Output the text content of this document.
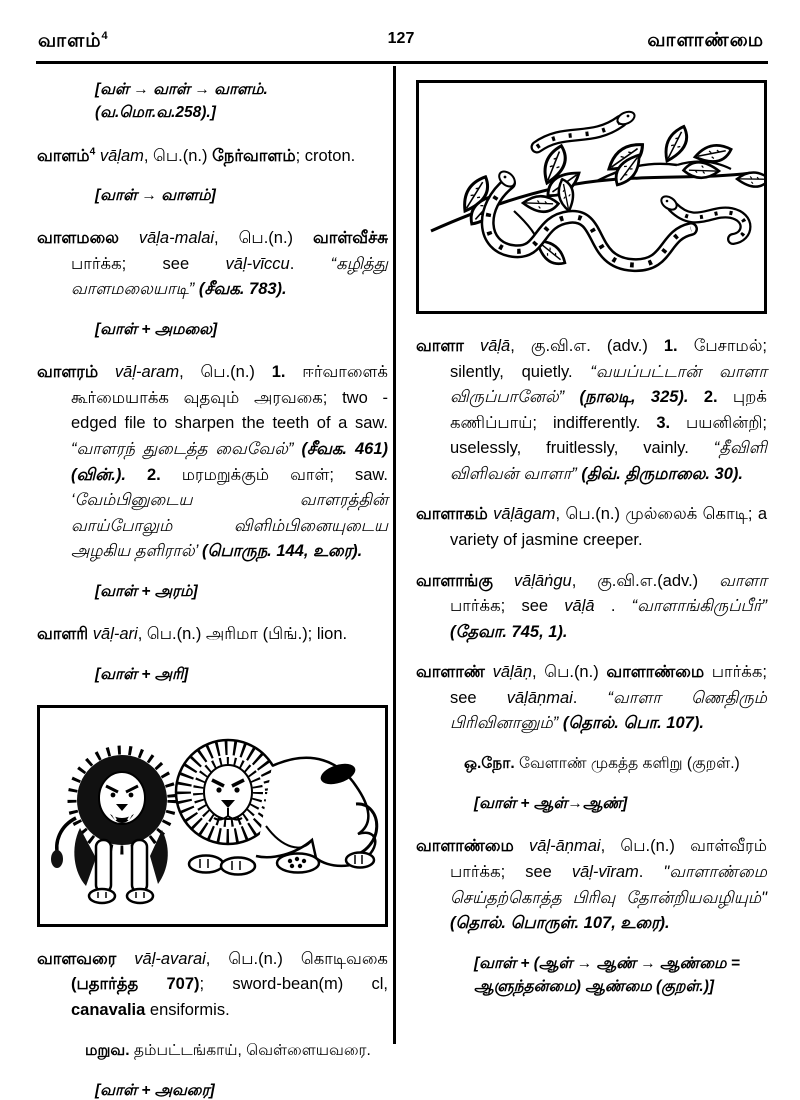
127
வாளம்$^4$	வாளாண்மை

[வள் → வாள் → வாளம். (வ.மொ.வ.258).]

வாளம்$^4$ vāḷam, பெ.(n.) நேர்வாளம்; croton.

[வாள் → வாளம்]

வாளமலை vāḷa-malai, பெ.(n.) வாள்வீச்சு பார்க்க; see vāḷ-vīccu. “கழித்து வாளமலையாடி” (சீவக. 783).

[வாள் + அமலை]

வாளரம் vāḷ-aram, பெ.(n.) 1. ஈர்வாளைக் கூர்மையாக்க வுதவும் அரவகை; two - edged file to sharpen the teeth of a saw. “வாளரந் துடைத்த வைவேல்” (சீவக. 461) (வின்.). 2. மரமறுக்கும் வாள்; saw. ‘வேம்பினுடைய வாளரத்தின் வாய்போலும் விளிம்பினையுடைய அழகிய தளிரால்’ (பொருந. 144, உரை).

[வாள் + அரம்]

வாளரி vāḷ-ari, பெ.(n.) அரிமா (பிங்.); lion.

[வாள் + அரி]

வாளவரை vāḷ-avarai, பெ.(n.) கொடிவகை (பதார்த்த 707); sword-bean(m) cl, canavalia ensiformis.

மறுவ. தம்பட்டங்காய், வெள்ளையவரை.

[வாள் + அவரை]

வாளா vāḷā, கு.வி.எ. (adv.) 1. பேசாமல்; silently, quietly. “வயப்பட்டான் வாளா விருப்பானேல்” (நாலடி, 325). 2. புறக் கணிப்பாய்; indifferently. 3. பயனின்றி; uselessly, fruitlessly, vainly. “தீவிளி விளிவன் வாளா” (திவ். திருமாலை. 30).

வாளாகம் vāḷāgam, பெ.(n.) முல்லைக் கொடி; a variety of jasmine creeper.

வாளாங்கு vāḷāṅgu, கு.வி.எ.(adv.) வாளா பார்க்க; see vāḷā . “வாளாங்கிருப்பீர்” (தேவா. 745, 1).

வாளாண் vāḷāṇ, பெ.(n.) வாளாண்மை பார்க்க; see vāḷāṇmai. “வாளா ணெதிரும் பிரிவினானும்” (தொல். பொ. 107).

ஒ.நோ. வேளாண் முகத்த களிறு (குறள்.)

[வாள் + ஆள்→ஆண்]

வாளாண்மை vāḷ-āṇmai, பெ.(n.) வாள்வீரம் பார்க்க; see vāḷ-vīram. "வாளாண்மை செய்தற்கொத்த பிரிவு தோன்றியவழியும்" (தொல். பொருள். 107, உரை).

[வாள் + (ஆள் → ஆண் → ஆண்மை = ஆளுந்தன்மை) ஆண்மை (குறள்.)]
